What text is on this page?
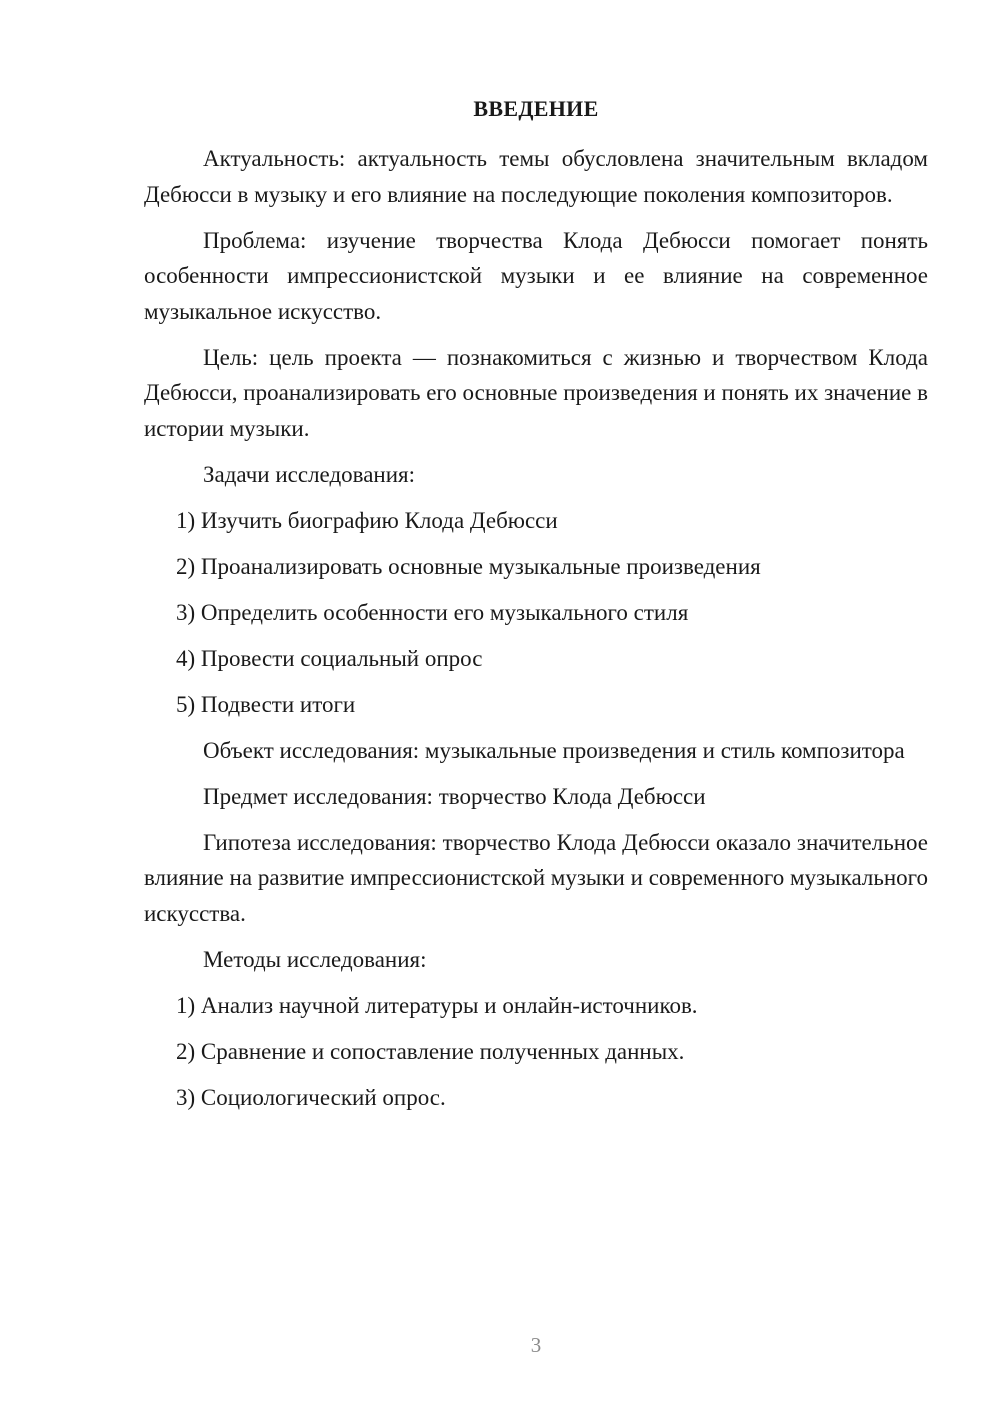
ВВЕДЕНИЕ

Актуальность: актуальность темы обусловлена значительным вкладом Дебюсси в музыку и его влияние на последующие поколения композиторов.

Проблема: изучение творчества Клода Дебюсси помогает понять особенности импрессионистской музыки и ее влияние на современное музыкальное искусство.

Цель: цель проекта — познакомиться с жизнью и творчеством Клода Дебюсси, проанализировать его основные произведения и понять их значение в истории музыки.

Задачи исследования:

1) Изучить биографию Клода Дебюсси
2) Проанализировать основные музыкальные произведения
3) Определить особенности его музыкального стиля
4) Провести социальный опрос
5) Подвести итоги

Объект исследования: музыкальные произведения и стиль композитора

Предмет исследования: творчество Клода Дебюсси

Гипотеза исследования: творчество Клода Дебюсси оказало значительное влияние на развитие импрессионистской музыки и современного музыкального искусства.

Методы исследования:

1) Анализ научной литературы и онлайн-источников.
2) Сравнение и сопоставление полученных данных.
3) Социологический опрос.
3
